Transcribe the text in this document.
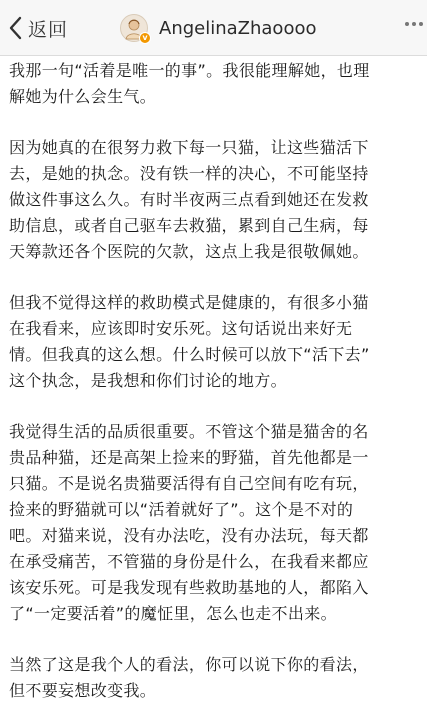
返回	v AngelinaZhaoooo
我那一句“活着是唯一的事”。我很能理解她，也理
解她为什么会生气。
因为她真的在很努力救下每一只猫，让这些猫活下
去，是她的执念。没有铁一样的决心，不可能坚持
做这件事这么久。有时半夜两三点看到她还在发救
助信息，或者自己驱车去救猫，累到自己生病，每
天筹款还各个医院的欠款，这点上我是很敬佩她。
但我不觉得这样的救助模式是健康的，有很多小猫
在我看来，应该即时安乐死。这句话说出来好无
情。但我真的这么想。什么时候可以放下“活下去”
这个执念，是我想和你们讨论的地方。
我觉得生活的品质很重要。不管这个猫是猫舍的名
贵品种猫，还是高架上捡来的野猫，首先他都是一
只猫。不是说名贵猫要活得有自己空间有吃有玩，
捡来的野猫就可以“活着就好了”。这个是不对的
吧。对猫来说，没有办法吃，没有办法玩，每天都
在承受痛苦，不管猫的身份是什么，在我看来都应
该安乐死。可是我发现有些救助基地的人，都陷入
了“一定要活着”的魔怔里，怎么也走不出来。
当然了这是我个人的看法，你可以说下你的看法，
但不要妄想改变我。
